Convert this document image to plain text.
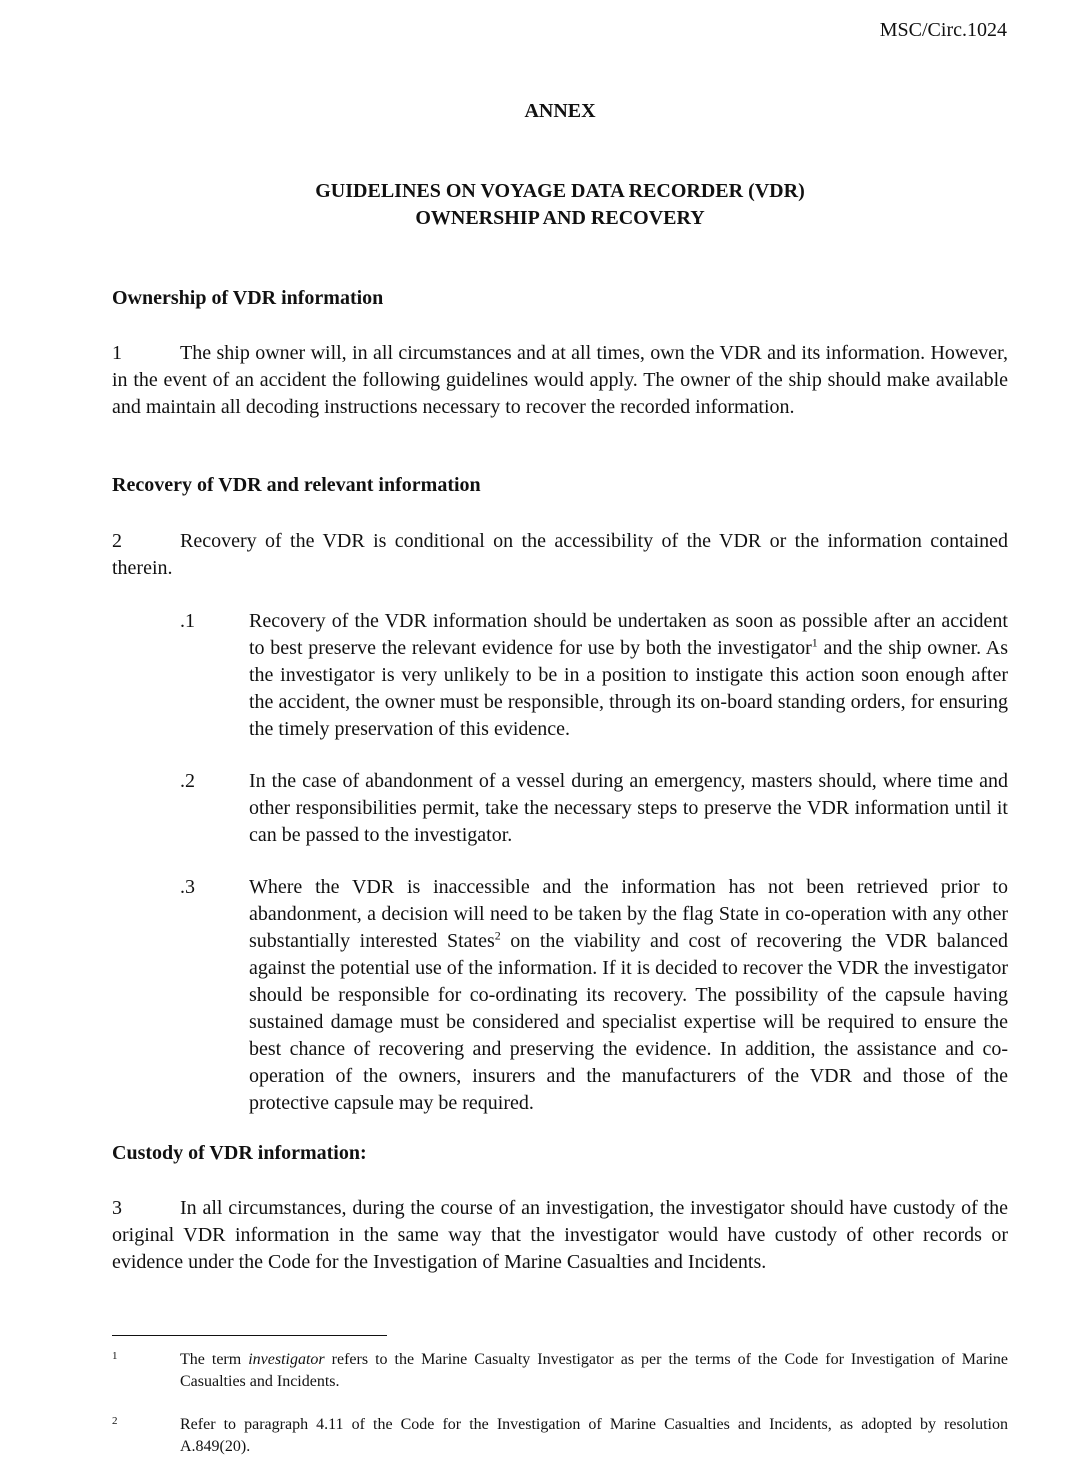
MSC/Circ.1024
ANNEX
GUIDELINES ON VOYAGE DATA RECORDER (VDR)
OWNERSHIP AND RECOVERY
Ownership of VDR information
1	The ship owner will, in all circumstances and at all times, own the VDR and its information. However, in the event of an accident the following guidelines would apply. The owner of the ship should make available and maintain all decoding instructions necessary to recover the recorded information.
Recovery of VDR and relevant information
2	Recovery of the VDR is conditional on the accessibility of the VDR or the information contained therein.
.1	Recovery of the VDR information should be undertaken as soon as possible after an accident to best preserve the relevant evidence for use by both the investigator$^1$ and the ship owner. As the investigator is very unlikely to be in a position to instigate this action soon enough after the accident, the owner must be responsible, through its on-board standing orders, for ensuring the timely preservation of this evidence.
.2	In the case of abandonment of a vessel during an emergency, masters should, where time and other responsibilities permit, take the necessary steps to preserve the VDR information until it can be passed to the investigator.
.3	Where the VDR is inaccessible and the information has not been retrieved prior to abandonment, a decision will need to be taken by the flag State in co-operation with any other substantially interested States$^2$ on the viability and cost of recovering the VDR balanced against the potential use of the information. If it is decided to recover the VDR the investigator should be responsible for co-ordinating its recovery. The possibility of the capsule having sustained damage must be considered and specialist expertise will be required to ensure the best chance of recovering and preserving the evidence. In addition, the assistance and co-operation of the owners, insurers and the manufacturers of the VDR and those of the protective capsule may be required.
Custody of VDR information:
3	In all circumstances, during the course of an investigation, the investigator should have custody of the original VDR information in the same way that the investigator would have custody of other records or evidence under the Code for the Investigation of Marine Casualties and Incidents.
1	The term investigator refers to the Marine Casualty Investigator as per the terms of the Code for Investigation of Marine Casualties and Incidents.
2	Refer to paragraph 4.11 of the Code for the Investigation of Marine Casualties and Incidents, as adopted by resolution A.849(20).
